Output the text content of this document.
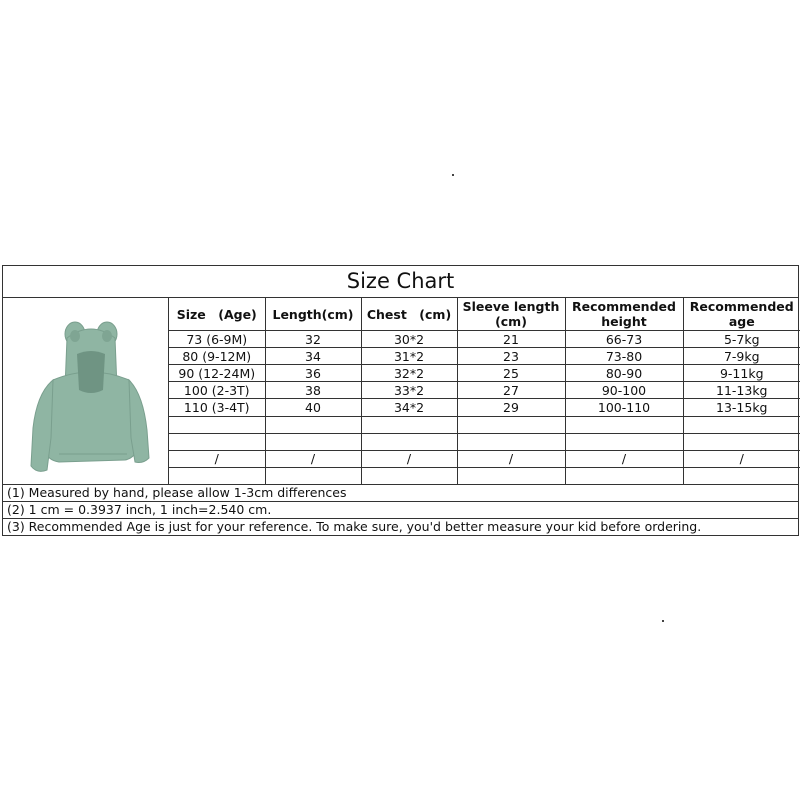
Size Chart
Size　(Age)	Length(cm)	Chest　(cm)	Sleeve length (cm)	Recommended height	Recommended age
73 (6-9M)	32	30*2	21	66-73	5-7kg
80 (9-12M)	34	31*2	23	73-80	7-9kg
90 (12-24M)	36	32*2	25	80-90	9-11kg
100 (2-3T)	38	33*2	27	90-100	11-13kg
110 (3-4T)	40	34*2	29	100-110	13-15kg

/	/	/	/	/	/

(1) Measured by hand, please allow 1-3cm differences
(2) 1 cm = 0.3937 inch, 1 inch=2.540 cm.
(3) Recommended Age is just for your reference. To make sure, you'd better measure your kid before ordering.
